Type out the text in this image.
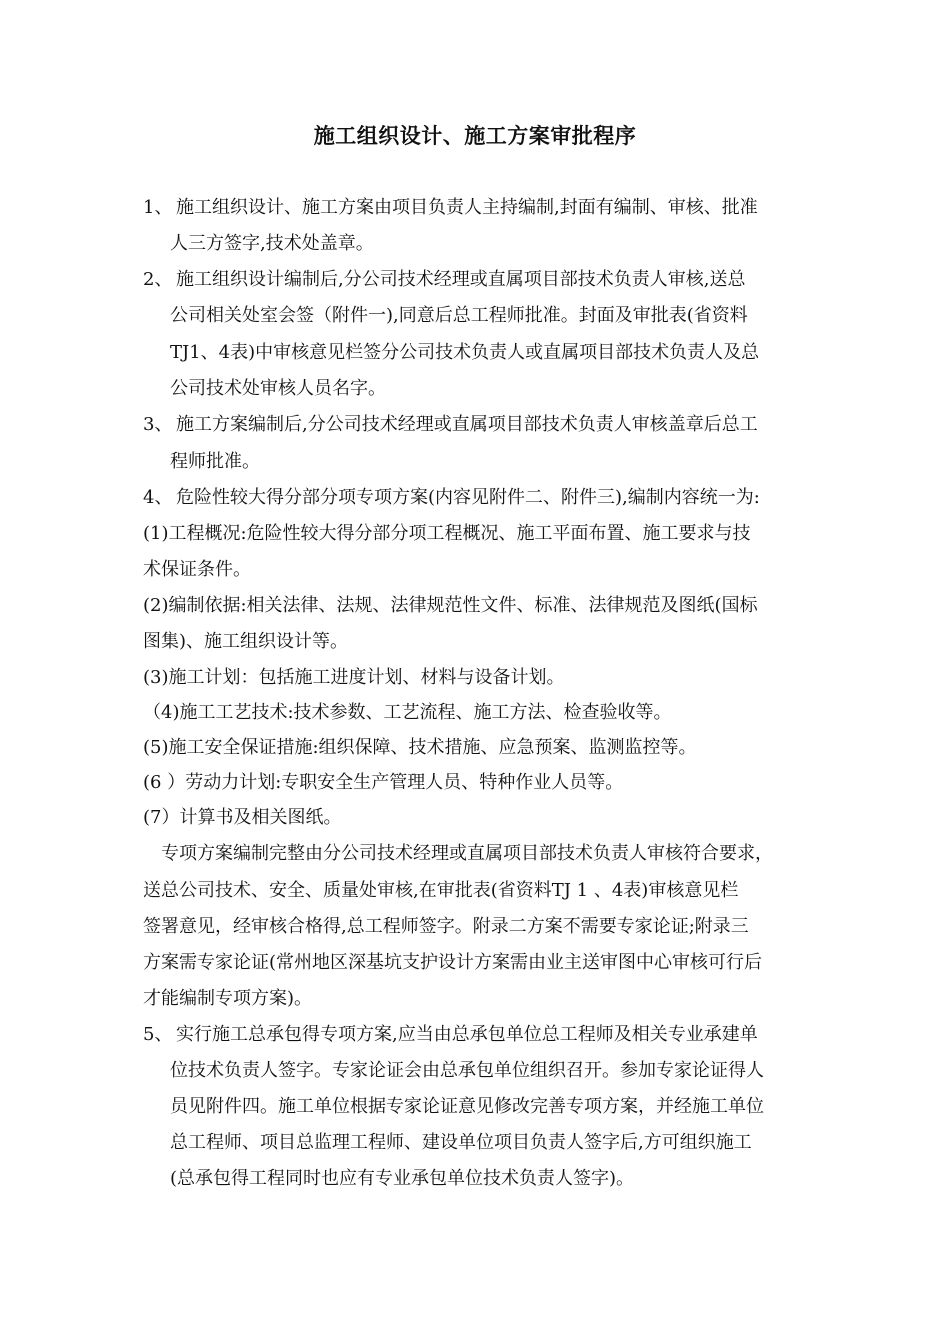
施工组织设计、施工方案审批程序
1、 施工组织设计、施工方案由项目负责人主持编制,封面有编制、审核、批准
人三方签字,技术处盖章。
2、 施工组织设计编制后,分公司技术经理或直属项目部技术负责人审核,送总
公司相关处室会签（附件一),同意后总工程师批准。封面及审批表(省资料
TJ1、4表)中审核意见栏签分公司技术负责人或直属项目部技术负责人及总
公司技术处审核人员名字。
3、 施工方案编制后,分公司技术经理或直属项目部技术负责人审核盖章后总工
程师批准。
4、 危险性较大得分部分项专项方案(内容见附件二、附件三),编制内容统一为:
(1)工程概况:危险性较大得分部分项工程概况、施工平面布置、施工要求与技
术保证条件。
(2)编制依据:相关法律、法规、法律规范性文件、标准、法律规范及图纸(国标
图集)、施工组织设计等。
(3)施工计划：包括施工进度计划、材料与设备计划。
（4)施工工艺技术:技术参数、工艺流程、施工方法、检查验收等。
(5)施工安全保证措施:组织保障、技术措施、应急预案、监测监控等。
(6 ）劳动力计划:专职安全生产管理人员、特种作业人员等。
(7）计算书及相关图纸。
专项方案编制完整由分公司技术经理或直属项目部技术负责人审核符合要求，
送总公司技术、安全、质量处审核,在审批表(省资料TJ 1 、4表)审核意见栏
签署意见，经审核合格得,总工程师签字。附录二方案不需要专家论证;附录三
方案需专家论证(常州地区深基坑支护设计方案需由业主送审图中心审核可行后
才能编制专项方案)。
5、 实行施工总承包得专项方案,应当由总承包单位总工程师及相关专业承建单
位技术负责人签字。专家论证会由总承包单位组织召开。参加专家论证得人
员见附件四。施工单位根据专家论证意见修改完善专项方案，并经施工单位
总工程师、项目总监理工程师、建设单位项目负责人签字后,方可组织施工
(总承包得工程同时也应有专业承包单位技术负责人签字)。
